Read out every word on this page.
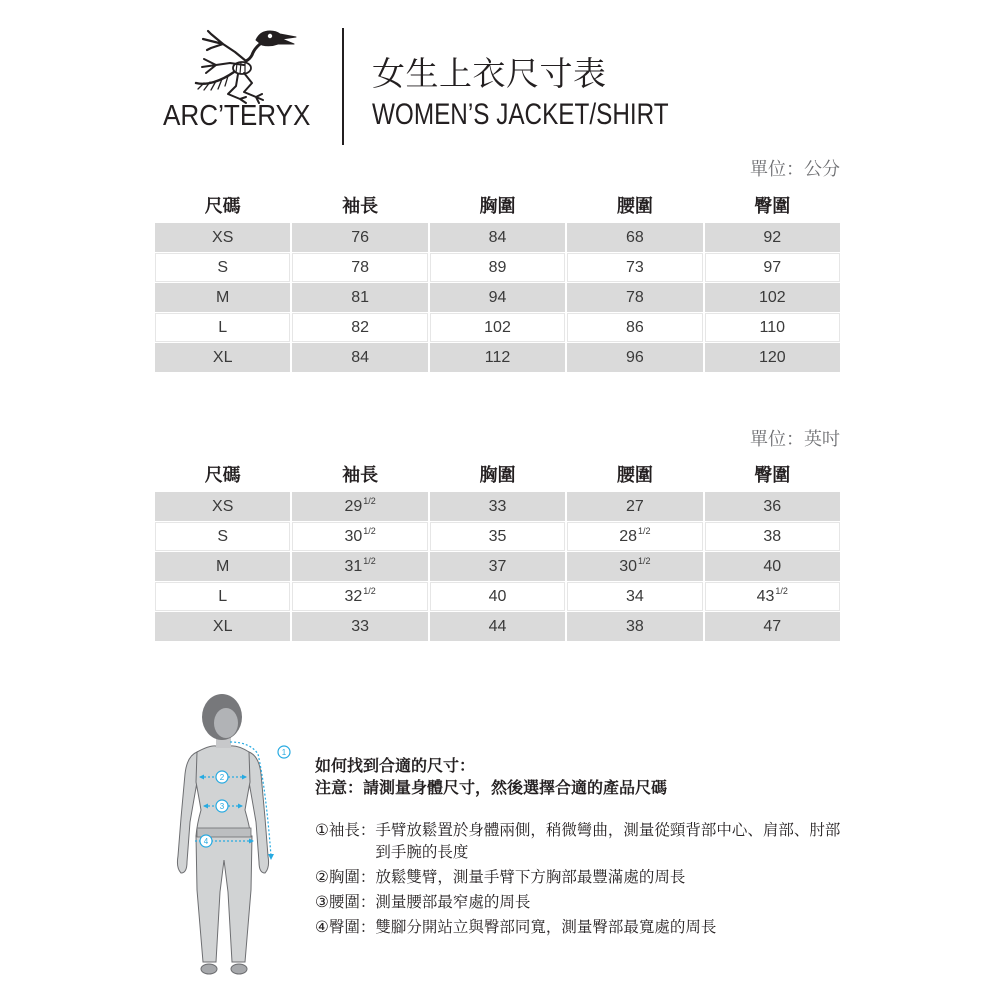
ARC’TERYX
女生上衣尺寸表
WOMEN’S JACKET/SHIRT
單位：公分
尺碼	袖長	胸圍	腰圍	臀圍
XS	76	84	68	92
S	78	89	73	97
M	81	94	78	102
L	82	102	86	110
XL	84	112	96	120
單位：英吋
尺碼	袖長	胸圍	腰圍	臀圍
XS	29 1/2	33	27	36
S	30 1/2	35	28 1/2	38
M	31 1/2	37	30 1/2	40
L	32 1/2	40	34	43 1/2
XL	33	44	38	47
1
2
3
4
如何找到合適的尺寸：
注意：請測量身體尺寸，然後選擇合適的產品尺碼
① 袖長： 手臂放鬆置於身體兩側，稍微彎曲，測量從頸背部中心、肩部、肘部
到手腕的長度
② 胸圍： 放鬆雙臂，測量手臂下方胸部最豐滿處的周長
③ 腰圍： 測量腰部最窄處的周長
④ 臀圍： 雙腳分開站立與臀部同寬，測量臀部最寬處的周長
